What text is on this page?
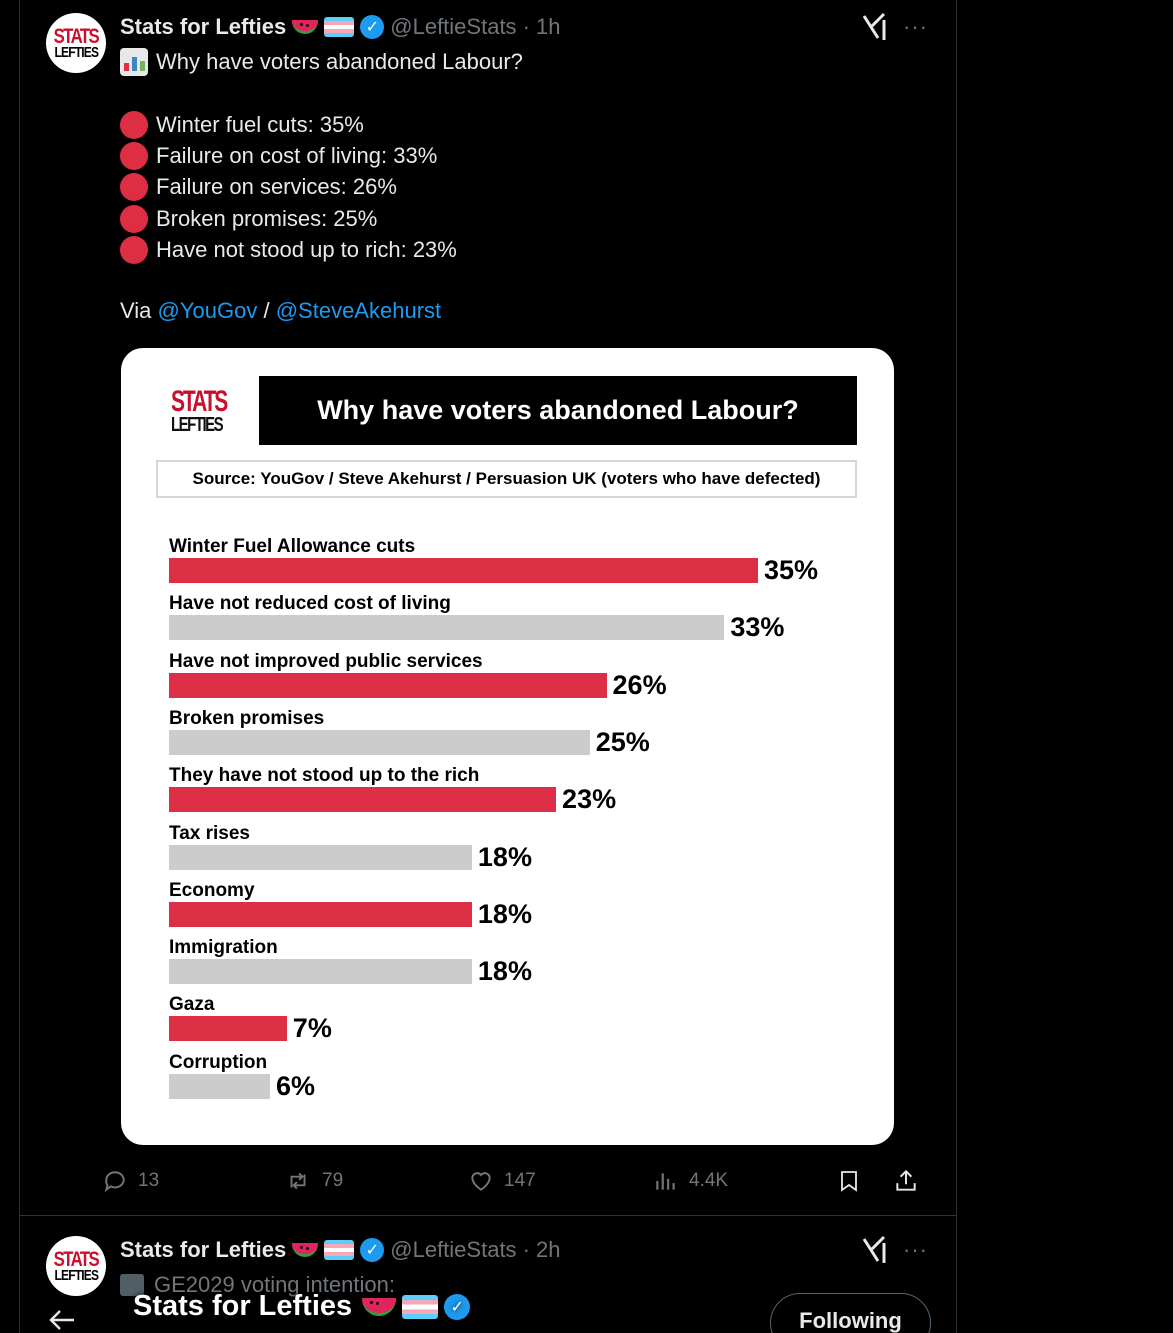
STATS
LEFTIES
Stats for Lefties	✓ @LeftieStats · 1h	···
Why have voters abandoned Labour?
Winter fuel cuts: 35%
Failure on cost of living: 33%
Failure on services: 26%
Broken promises: 25%
Have not stood up to rich: 23%
Via
@YouGov
/
@SteveAkehurst
STATS
LEFTIES	Why have voters abandoned Labour?
Source: YouGov / Steve Akehurst / Persuasion UK (voters who have defected)
Winter Fuel Allowance cuts
35%
Have not reduced cost of living
33%
Have not improved public services
26%
Broken promises
25%
They have not stood up to the rich
23%
Tax rises
18%
Economy
18%
Immigration
18%
Gaza
7%
Corruption
6%
13	79	147	4.4K
STATS
LEFTIES
Stats for Lefties	✓ @LeftieStats · 2h	···
GE2029 voting intention:
Stats for Lefties	✓
Following
